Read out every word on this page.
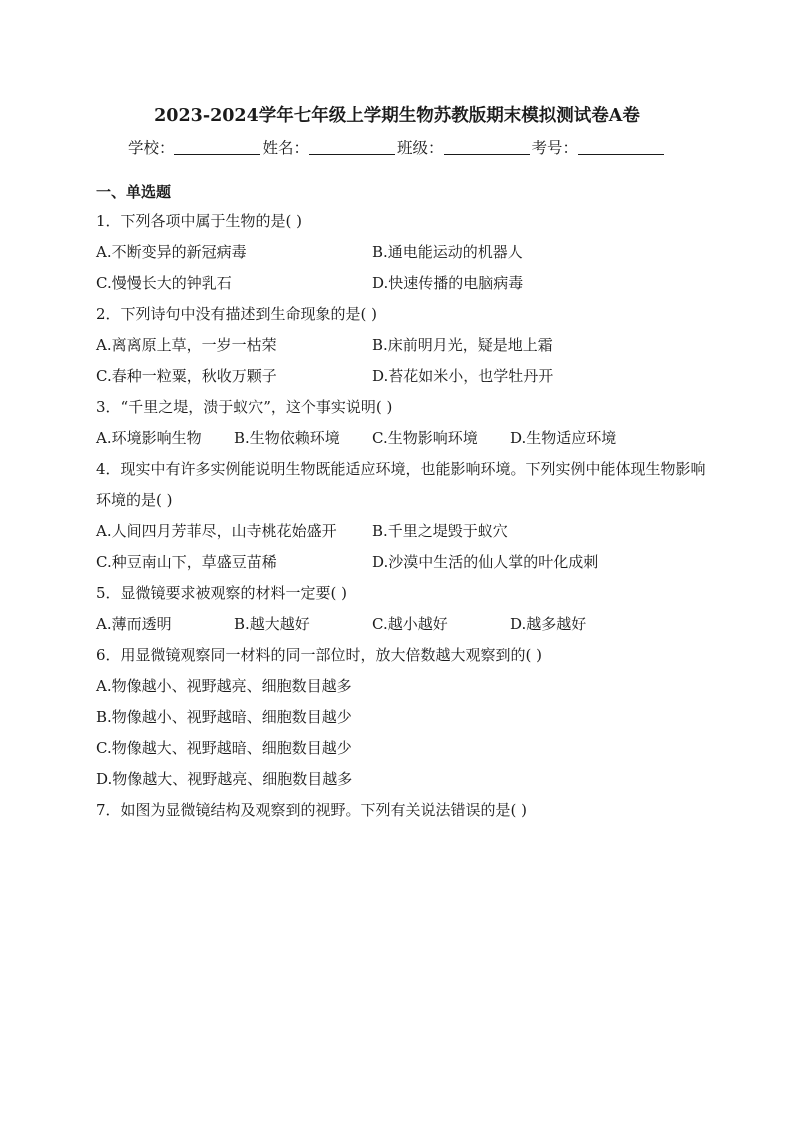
2023-2024学年七年级上学期生物苏教版期末模拟测试卷A卷
学校：	姓名：	班级：	考号：
一、单选题
1．下列各项中属于生物的是( )
A.不断变异的新冠病毒	B.通电能运动的机器人
C.慢慢长大的钟乳石	D.快速传播的电脑病毒
2．下列诗句中没有描述到生命现象的是( )
A.离离原上草，一岁一枯荣	B.床前明月光，疑是地上霜
C.春种一粒粟，秋收万颗子	D.苔花如米小，也学牡丹开
3．“千里之堤，溃于蚁穴”，这个事实说明( )
A.环境影响生物	B.生物依赖环境	C.生物影响环境	D.生物适应环境
4．现实中有许多实例能说明生物既能适应环境，也能影响环境。下列实例中能体现生物影响环境的是( )
A.人间四月芳菲尽，山寺桃花始盛开	B.千里之堤毁于蚁穴
C.种豆南山下，草盛豆苗稀	D.沙漠中生活的仙人掌的叶化成刺
5．显微镜要求被观察的材料一定要( )
A.薄而透明	B.越大越好	C.越小越好	D.越多越好
6．用显微镜观察同一材料的同一部位时，放大倍数越大观察到的( )
A.物像越小、视野越亮、细胞数目越多
B.物像越小、视野越暗、细胞数目越少
C.物像越大、视野越暗、细胞数目越少
D.物像越大、视野越亮、细胞数目越多
7．如图为显微镜结构及观察到的视野。下列有关说法错误的是( )
